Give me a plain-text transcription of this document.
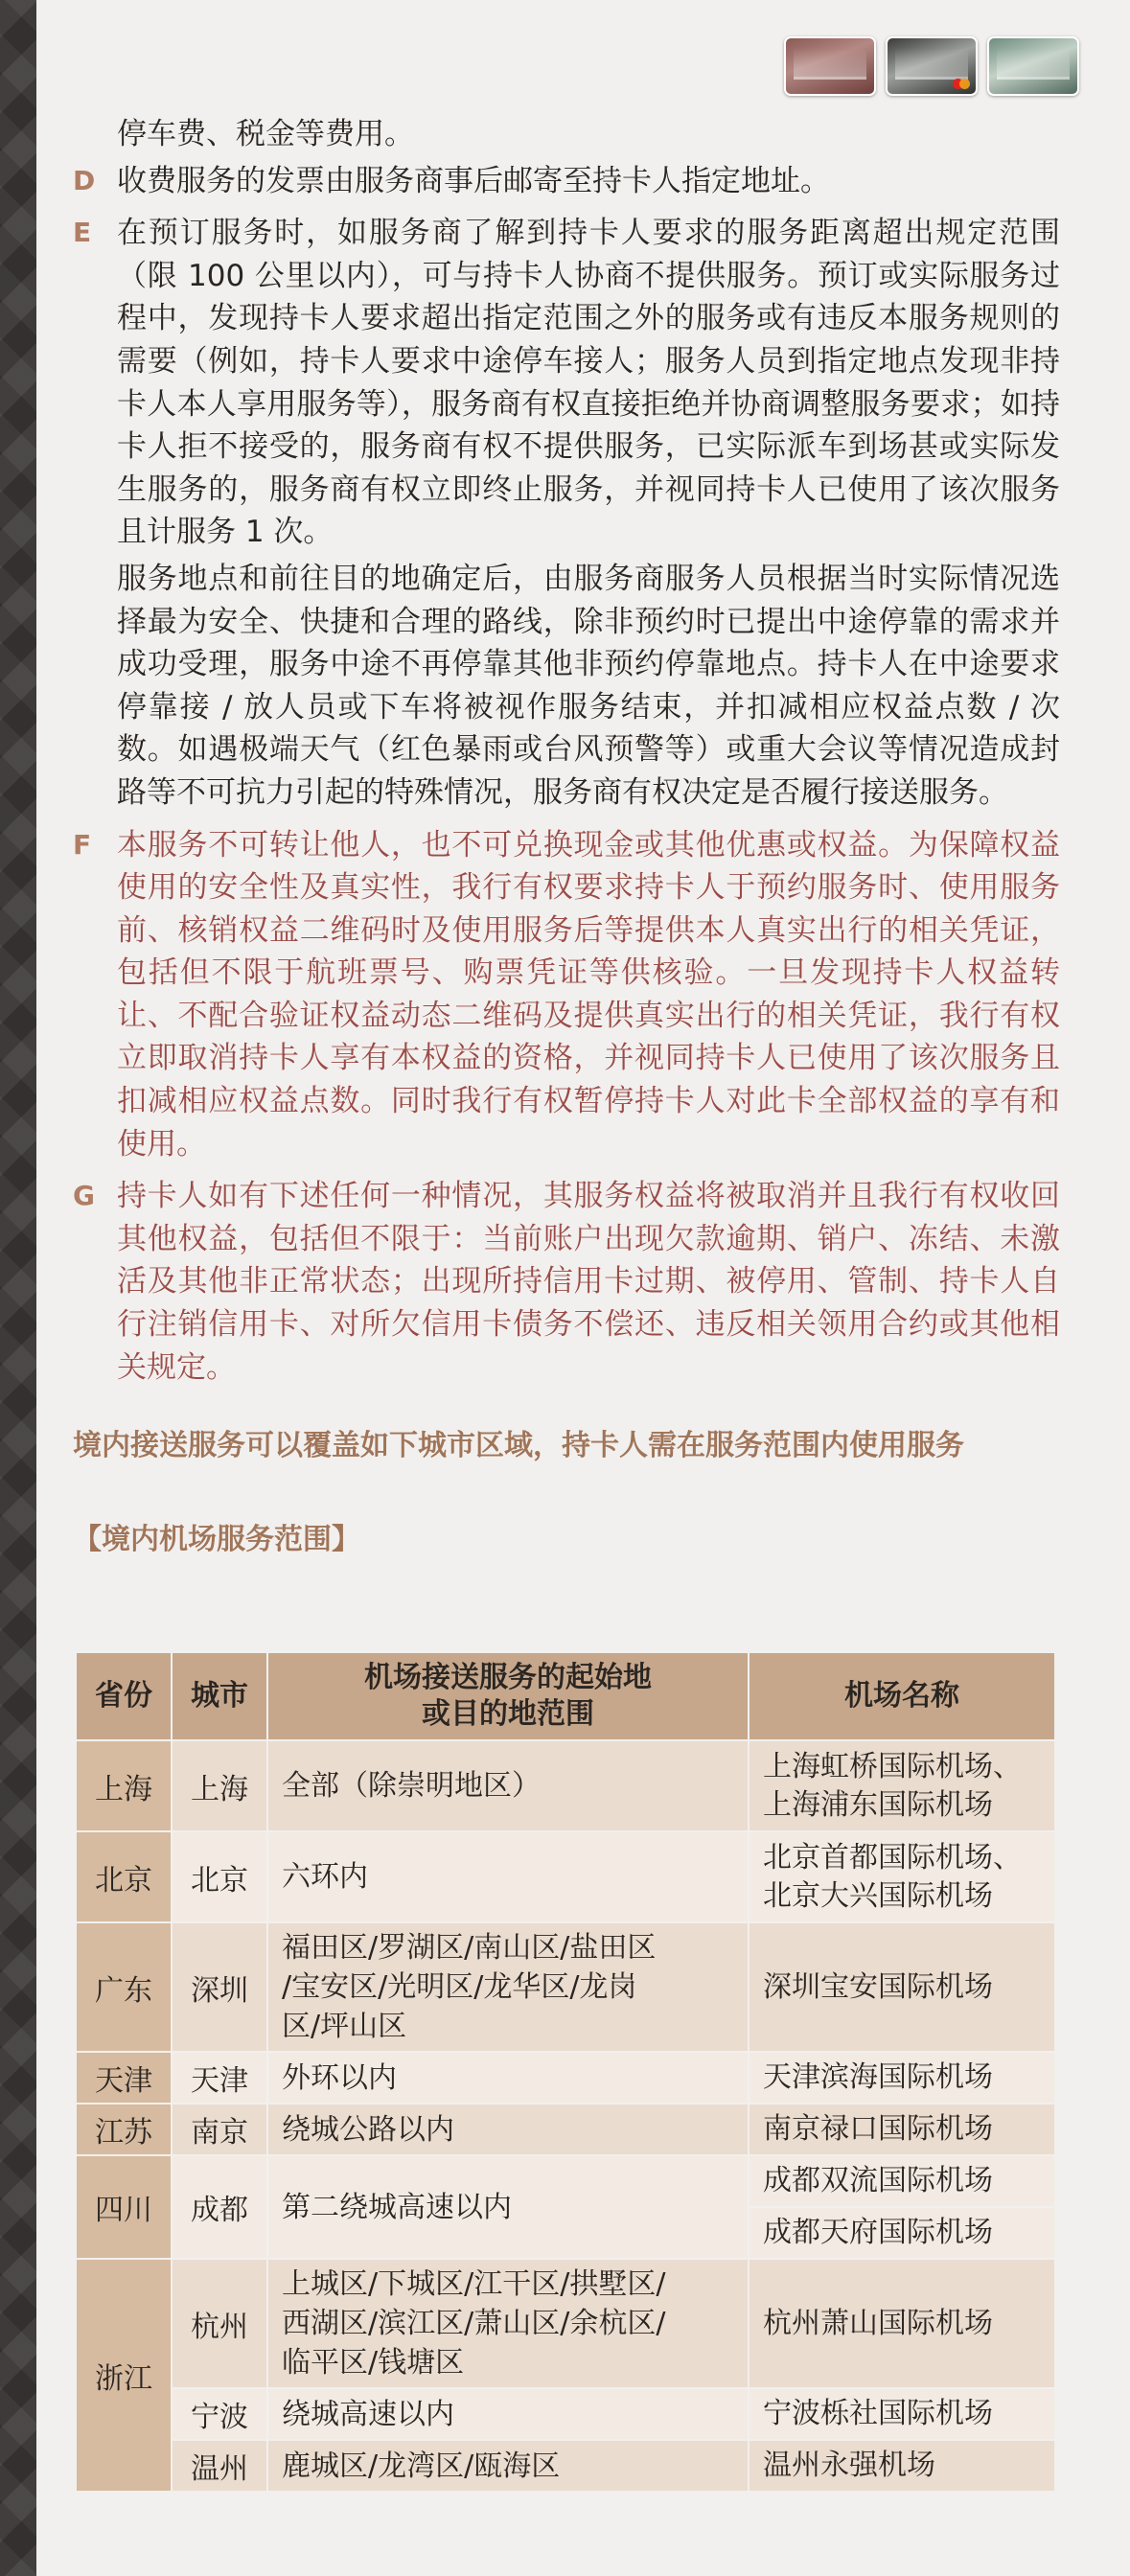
停车费、税金等费用。
D 收费服务的发票由服务商事后邮寄至持卡人指定地址。
E 在预订服务时，如服务商了解到持卡人要求的服务距离超出规定范围（限 100 公里以内），可与持卡人协商不提供服务。预订或实际服务过程中，发现持卡人要求超出指定范围之外的服务或有违反本服务规则的需要（例如，持卡人要求中途停车接人；服务人员到指定地点发现非持卡人本人享用服务等），服务商有权直接拒绝并协商调整服务要求；如持卡人拒不接受的，服务商有权不提供服务，已实际派车到场甚或实际发生服务的，服务商有权立即终止服务，并视同持卡人已使用了该次服务且计服务 1 次。
服务地点和前往目的地确定后，由服务商服务人员根据当时实际情况选择最为安全、快捷和合理的路线，除非预约时已提出中途停靠的需求并成功受理，服务中途不再停靠其他非预约停靠地点。持卡人在中途要求停靠接 / 放人员或下车将被视作服务结束，并扣减相应权益点数 / 次数。如遇极端天气（红色暴雨或台风预警等）或重大会议等情况造成封路等不可抗力引起的特殊情况，服务商有权决定是否履行接送服务。
F 本服务不可转让他人，也不可兑换现金或其他优惠或权益。为保障权益使用的安全性及真实性，我行有权要求持卡人于预约服务时、使用服务前、核销权益二维码时及使用服务后等提供本人真实出行的相关凭证，包括但不限于航班票号、购票凭证等供核验。一旦发现持卡人权益转让、不配合验证权益动态二维码及提供真实出行的相关凭证，我行有权立即取消持卡人享有本权益的资格，并视同持卡人已使用了该次服务且扣减相应权益点数。同时我行有权暂停持卡人对此卡全部权益的享有和使用。
G 持卡人如有下述任何一种情况，其服务权益将被取消并且我行有权收回其他权益，包括但不限于：当前账户出现欠款逾期、销户、冻结、未激活及其他非正常状态；出现所持信用卡过期、被停用、管制、持卡人自行注销信用卡、对所欠信用卡债务不偿还、违反相关领用合约或其他相关规定。
境内接送服务可以覆盖如下城市区域，持卡人需在服务范围内使用服务
【境内机场服务范围】
省份	城市	机场接送服务的起始地
或目的地范围	机场名称
上海	上海	全部（除崇明地区）	上海虹桥国际机场、
上海浦东国际机场
北京	北京	六环内	北京首都国际机场、
北京大兴国际机场
广东	深圳	福田区/罗湖区/南山区/盐田区
/宝安区/光明区/龙华区/龙岗
区/坪山区	深圳宝安国际机场
天津	天津	外环以内	天津滨海国际机场
江苏	南京	绕城公路以内	南京禄口国际机场
四川	成都	第二绕城高速以内	成都双流国际机场
			成都天府国际机场
浙江	杭州	上城区/下城区/江干区/拱墅区/
西湖区/滨江区/萧山区/余杭区/
临平区/钱塘区	杭州萧山国际机场
	宁波	绕城高速以内	宁波栎社国际机场
	温州	鹿城区/龙湾区/瓯海区	温州永强机场
